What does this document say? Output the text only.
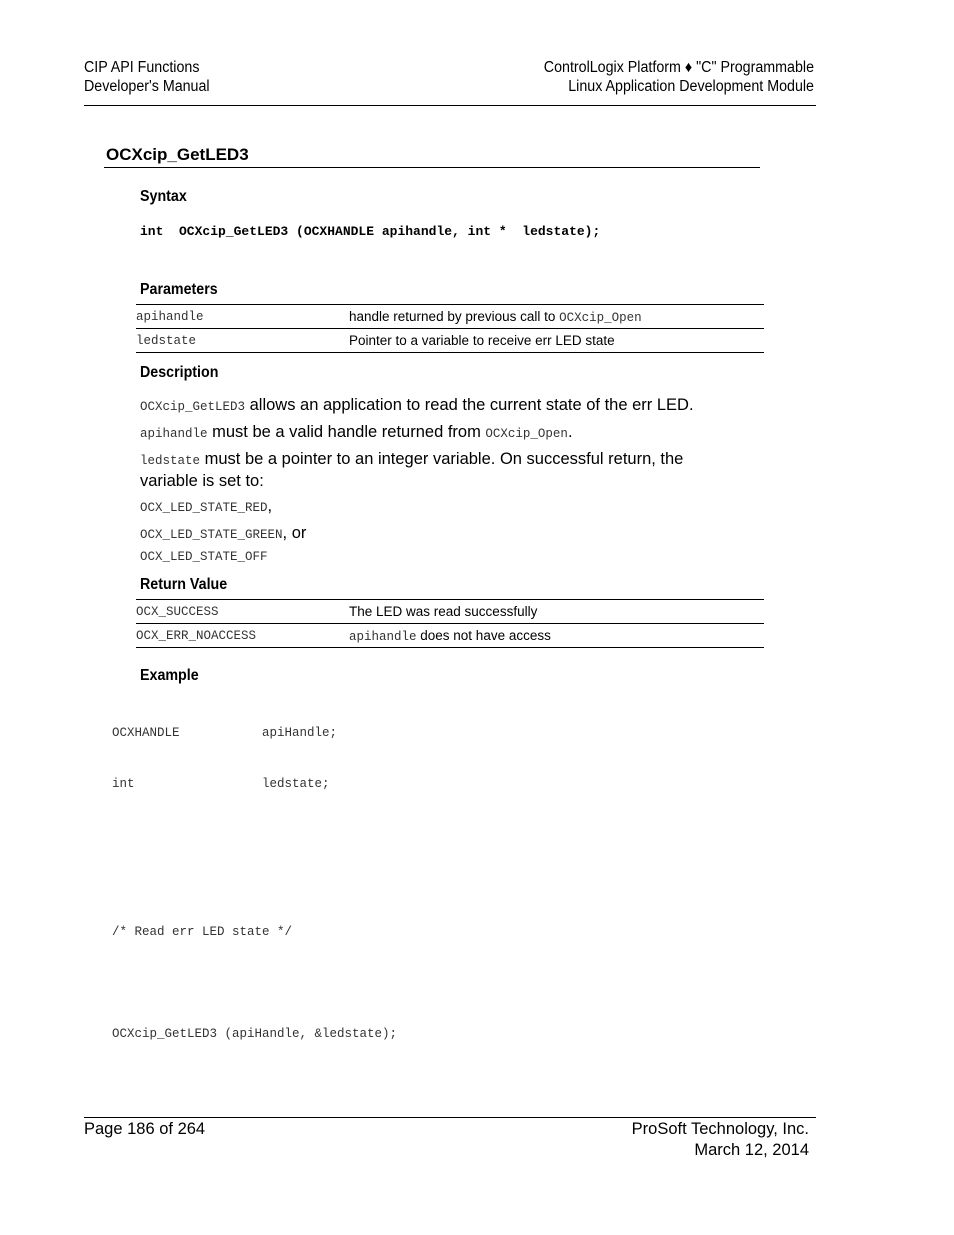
CIP API Functions
Developer's Manual
ControlLogix Platform ♦ "C" Programmable
Linux Application Development Module
OCXcip_GetLED3
Syntax
int  OCXcip_GetLED3 (OCXHANDLE apihandle, int *  ledstate);
Parameters
apihandle	handle returned by previous call to OCXcip_Open
ledstate	Pointer to a variable to receive err LED state
Description
OCXcip_GetLED3 allows an application to read the current state of the err LED.
apihandle must be a valid handle returned from OCXcip_Open.
ledstate must be a pointer to an integer variable. On successful return, the
variable is set to:
OCX_LED_STATE_RED,
OCX_LED_STATE_GREEN, or
OCX_LED_STATE_OFF
Return Value
OCX_SUCCESS	The LED was read successfully
OCX_ERR_NOACCESS	apihandle does not have access
Example

OCXHANDLE           apiHandle;

int                 ledstate;

/* Read err LED state */

OCXcip_GetLED3 (apiHandle, &ledstate);

Page 186 of 264	ProSoft Technology, Inc.
March 12, 2014
